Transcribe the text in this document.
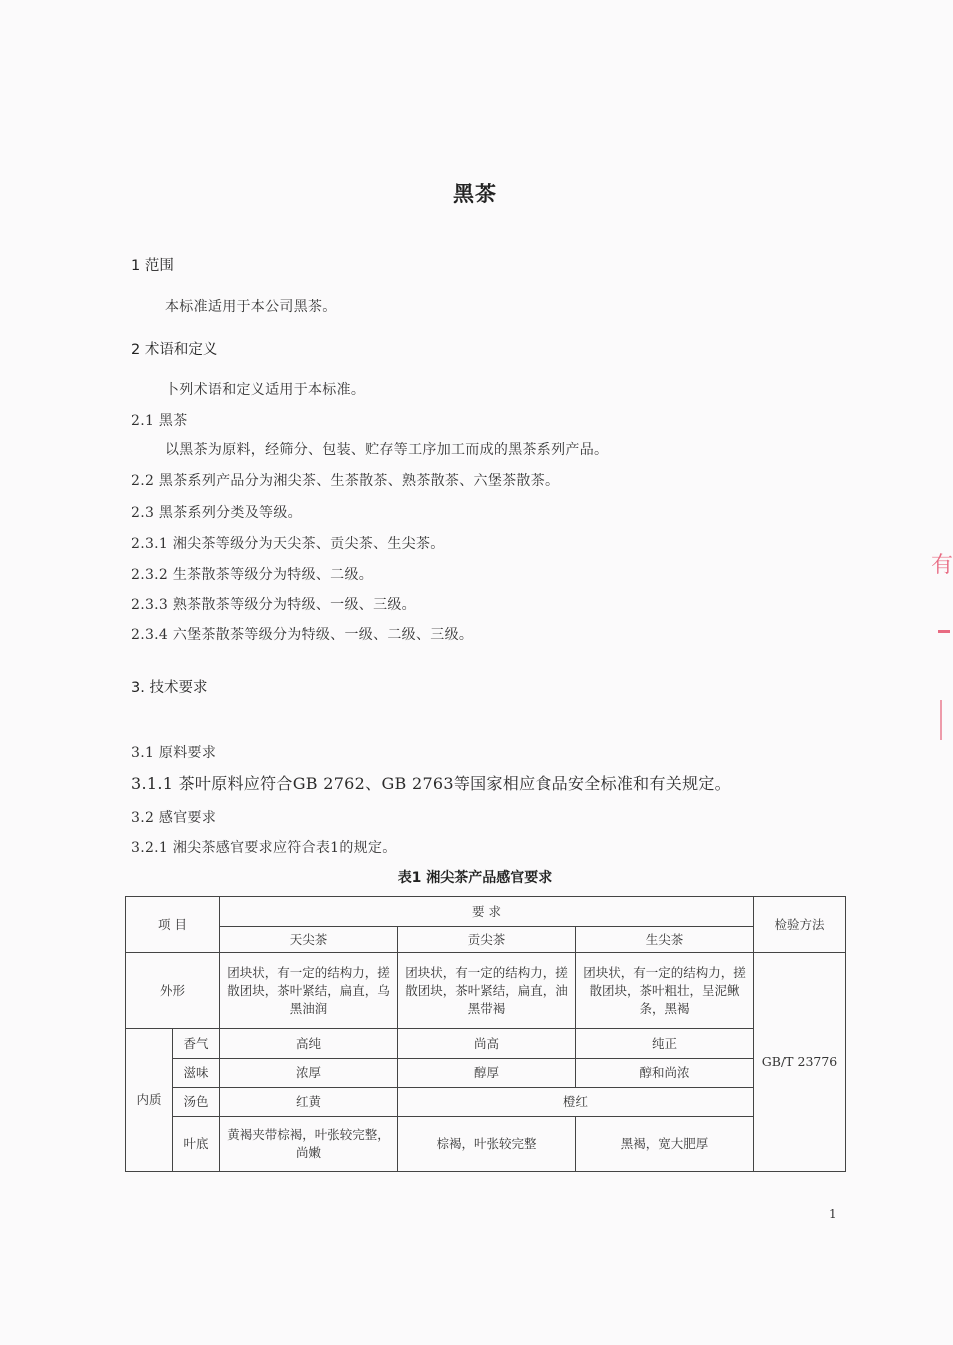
黑茶
1 范围
本标准适用于本公司黑茶。
2 术语和定义
卜列术语和定义适用于本标准。
2.1 黑茶
以黑茶为原料，经筛分、包装、贮存等工序加工而成的黑茶系列产品。
2.2 黑茶系列产品分为湘尖茶、生茶散茶、熟茶散茶、六堡茶散茶。
2.3 黑茶系列分类及等级。
2.3.1 湘尖茶等级分为天尖茶、贡尖茶、生尖茶。
2.3.2 生茶散茶等级分为特级、二级。
2.3.3 熟茶散茶等级分为特级、一级、三级。
2.3.4 六堡茶散茶等级分为特级、一级、二级、三级。
3. 技术要求
3.1 原料要求
3.1.1 茶叶原料应符合GB 2762、GB 2763等国家相应食品安全标准和有关规定。
3.2 感官要求
3.2.1 湘尖茶感官要求应符合表1的规定。
表1 湘尖茶产品感官要求
项 目		要 求			检验方法
		天尖茶	贡尖茶	生尖茶	
外形		团块状，有一定的结构力，搓散团块，茶叶紧结，扁直，乌黑油润	团块状，有一定的结构力，搓散团块，茶叶紧结，扁直，油黑带褐	团块状，有一定的结构力，搓散团块，茶叶粗壮，呈泥鳅条，黑褐	GB/T 23776
内质	香气	高纯	尚高	纯正	
	滋味	浓厚	醇厚	醇和尚浓	
	汤色	红黄	橙红		
	叶底	黄褐夹带棕褐，叶张较完整，尚嫩	棕褐，叶张较完整	黑褐，宽大肥厚	
1
有
